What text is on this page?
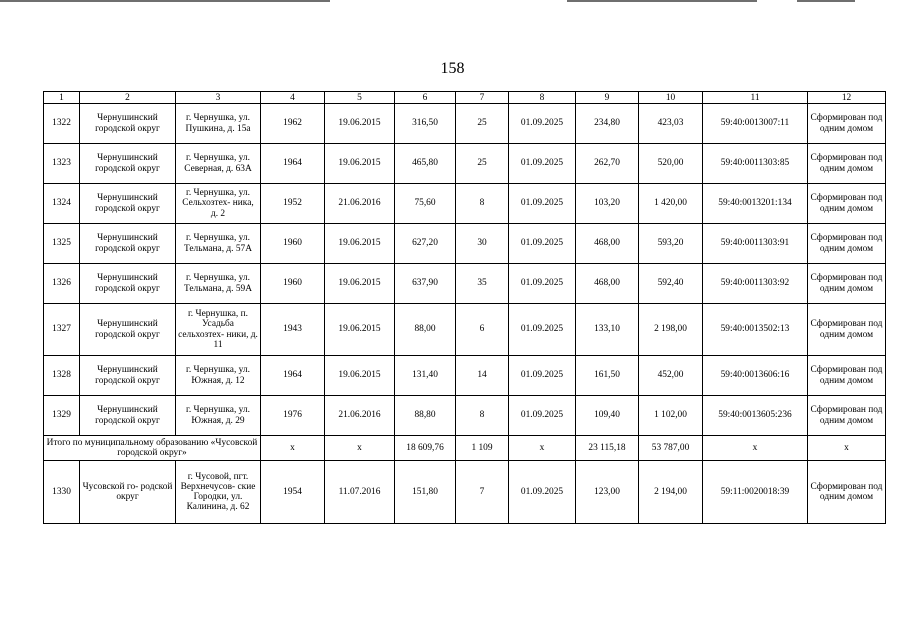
158
1	2	3	4	5	6	7	8	9	10	11	12
1322	Чернушинский городской округ	г. Чернушка, ул. Пушкина, д. 15а	1962	19.06.2015	316,50	25	01.09.2025	234,80	423,03	59:40:0013007:11	Сформирован под одним домом
1323	Чернушинский городской округ	г. Чернушка, ул. Северная, д. 63А	1964	19.06.2015	465,80	25	01.09.2025	262,70	520,00	59:40:0011303:85	Сформирован под одним домом
1324	Чернушинский городской округ	г. Чернушка, ул. Сельхозтех- ника, д. 2	1952	21.06.2016	75,60	8	01.09.2025	103,20	1 420,00	59:40:0013201:134	Сформирован под одним домом
1325	Чернушинский городской округ	г. Чернушка, ул. Тельмана, д. 57А	1960	19.06.2015	627,20	30	01.09.2025	468,00	593,20	59:40:0011303:91	Сформирован под одним домом
1326	Чернушинский городской округ	г. Чернушка, ул. Тельмана, д. 59А	1960	19.06.2015	637,90	35	01.09.2025	468,00	592,40	59:40:0011303:92	Сформирован под одним домом
1327	Чернушинский городской округ	г. Чернушка, п. Усадьба сельхозтех- ники, д. 11	1943	19.06.2015	88,00	6	01.09.2025	133,10	2 198,00	59:40:0013502:13	Сформирован под одним домом
1328	Чернушинский городской округ	г. Чернушка, ул. Южная, д. 12	1964	19.06.2015	131,40	14	01.09.2025	161,50	452,00	59:40:0013606:16	Сформирован под одним домом
1329	Чернушинский городской округ	г. Чернушка, ул. Южная, д. 29	1976	21.06.2016	88,80	8	01.09.2025	109,40	1 102,00	59:40:0013605:236	Сформирован под одним домом
Итого по муниципальному образованию «Чусовской городской округ»			x	x	18 609,76	1 109	x	23 115,18	53 787,00	x	x
1330	Чусовской го- родской округ	г. Чусовой, пгт. Верхнечусов- ские Городки, ул. Калинина, д. 62	1954	11.07.2016	151,80	7	01.09.2025	123,00	2 194,00	59:11:0020018:39	Сформирован под одним домом
